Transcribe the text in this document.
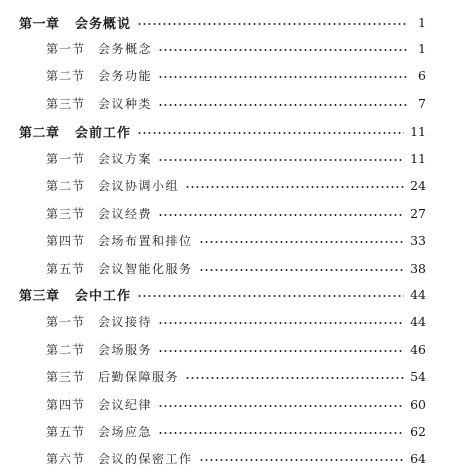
第一章	会务概说	1
第一节	会务概念	1
第二节	会务功能	6
第三节	会议种类	7
第二章	会前工作	11
第一节	会议方案	11
第二节	会议协调小组	24
第三节	会议经费	27
第四节	会场布置和排位	33
第五节	会议智能化服务	38
第三章	会中工作	44
第一节	会议接待	44
第二节	会场服务	46
第三节	后勤保障服务	54
第四节	会议纪律	60
第五节	会场应急	62
第六节	会议的保密工作	64
